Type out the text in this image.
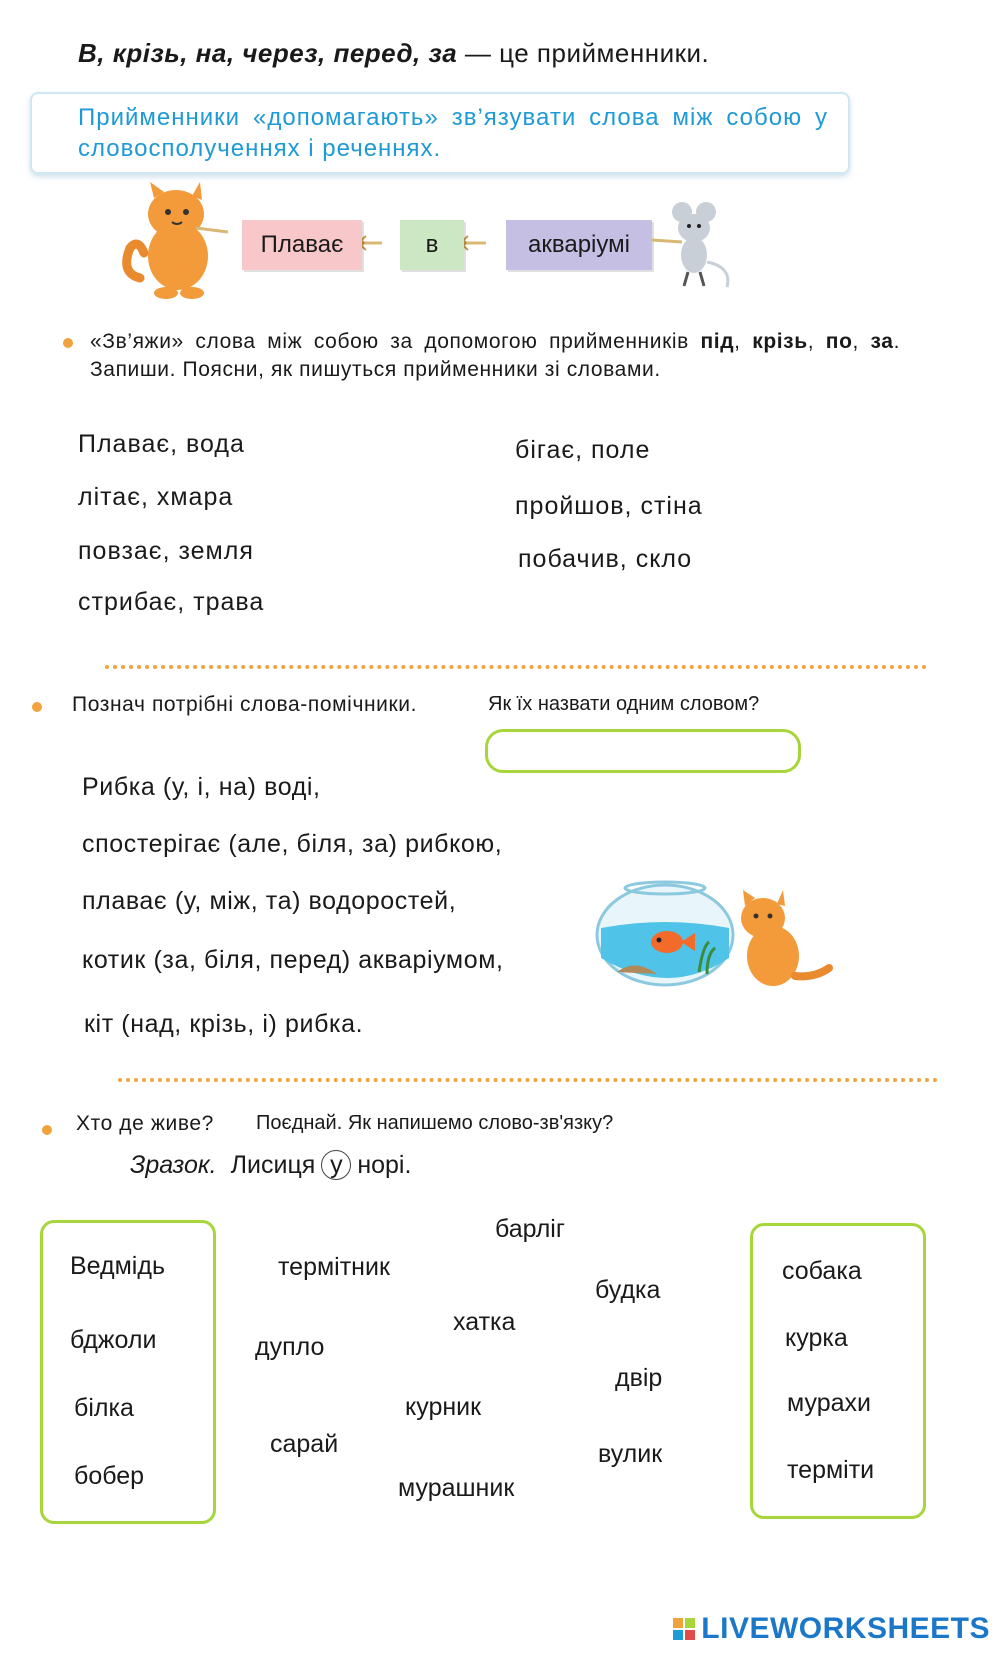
В, крізь, на, через, перед, за — це прийменники.
Прийменники «допомагають» зв’язувати слова між собою у словосполученнях і реченнях.
Плаває	в	акваріумі
«Зв’яжи» слова між собою за допомогою прийменників під, крізь, по, за. Запиши. Поясни, як пишуться прийменники зі словами.
Плаває, вода
літає, хмара
повзає, земля
стрибає, трава
бігає, поле
пройшов, стіна
побачив, скло
Познач потрібні слова-помічники.	Як їх назвати одним словом?
Рибка (у, і, на) воді,
спостерігає (але, біля, за) рибкою,
плаває (у, між, та) водоростей,
котик (за, біля, перед) акваріумом,
кіт (над, крізь, і) рибка.
Хто де живе? Поєднай. Як напишемо слово-зв'язку?
Зразок. Лисиця у норі.
Ведмідь
бджоли
білка
бобер
барліг
термітник
будка
хатка
дупло
двір
курник
сарай	вулик
мурашник
собака
курка
мурахи
терміти
LIVEWORKSHEETS
